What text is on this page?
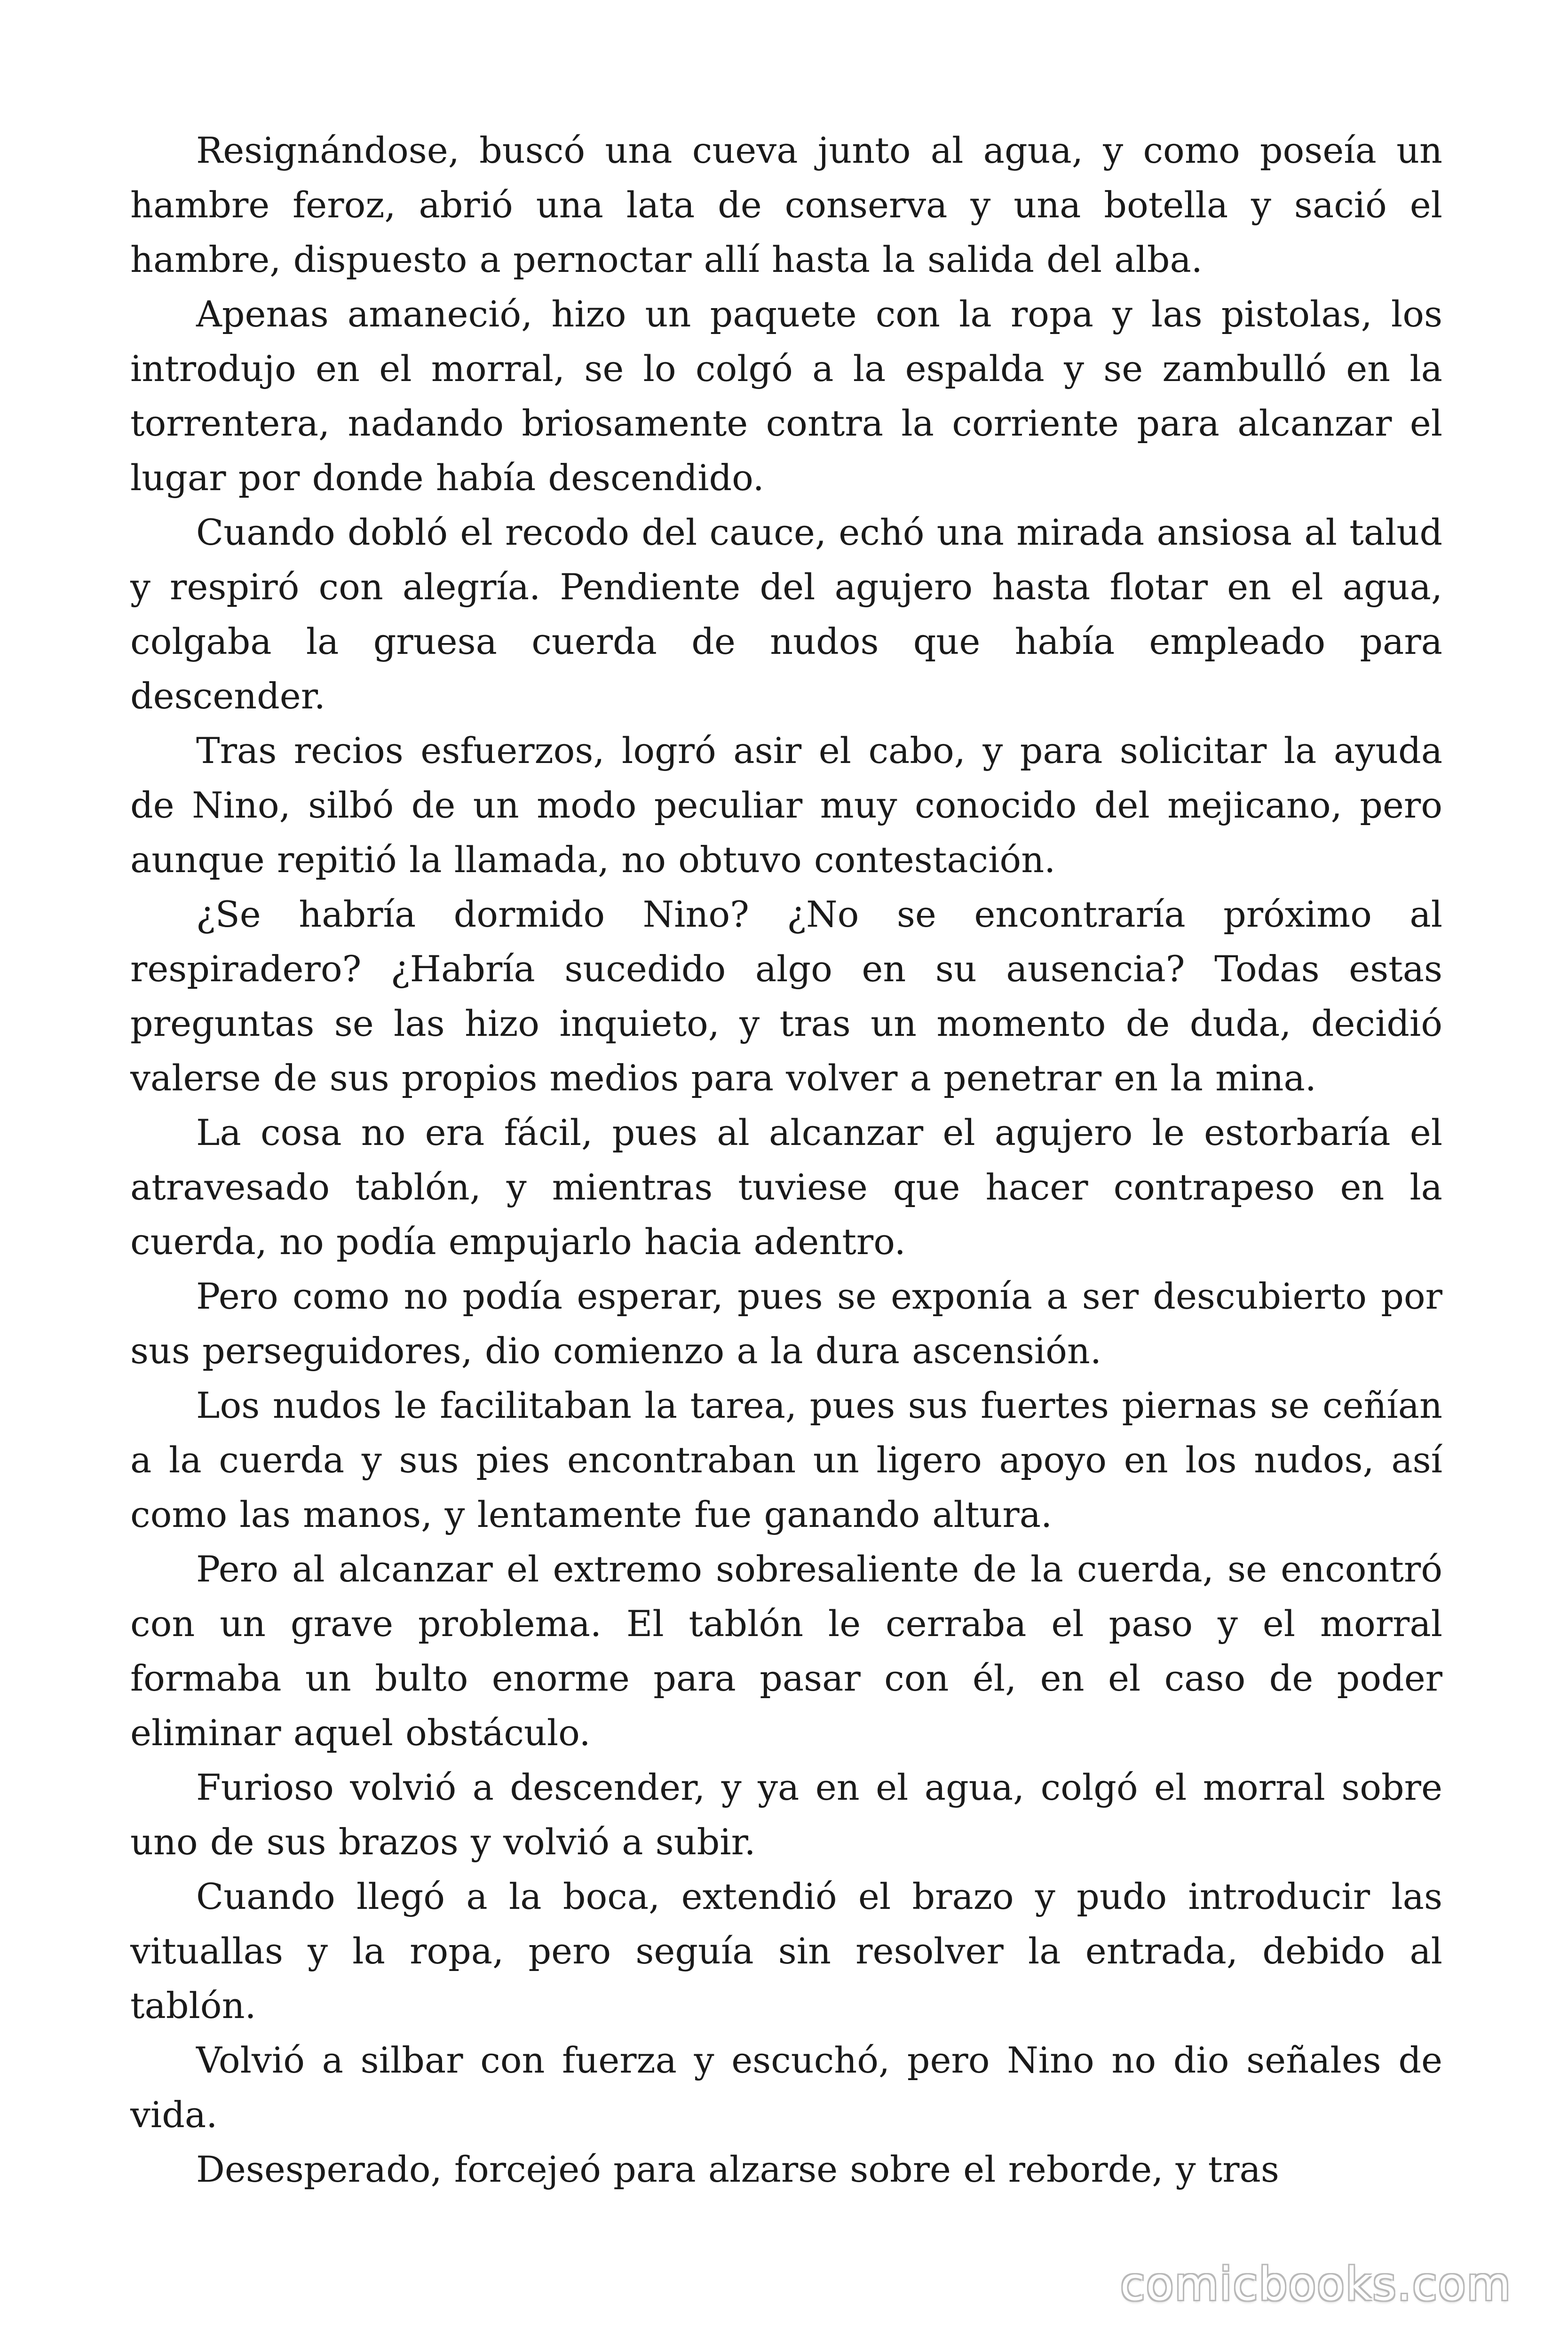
Resignándose, buscó una cueva junto al agua, y como poseía un hambre feroz, abrió una lata de conserva y una botella y sació el hambre, dispuesto a pernoctar allí hasta la salida del alba.

Apenas amaneció, hizo un paquete con la ropa y las pistolas, los introdujo en el morral, se lo colgó a la espalda y se zambulló en la torrentera, nadando briosamente contra la corriente para alcanzar el lugar por donde había descendido.

Cuando dobló el recodo del cauce, echó una mirada ansiosa al talud y respiró con alegría. Pendiente del agujero hasta flotar en el agua, colgaba la gruesa cuerda de nudos que había empleado para descender.

Tras recios esfuerzos, logró asir el cabo, y para solicitar la ayuda de Nino, silbó de un modo peculiar muy conocido del mejicano, pero aunque repitió la llamada, no obtuvo contestación.

¿Se habría dormido Nino? ¿No se encontraría próximo al respiradero? ¿Habría sucedido algo en su ausencia? Todas estas preguntas se las hizo inquieto, y tras un momento de duda, decidió valerse de sus propios medios para volver a penetrar en la mina.

La cosa no era fácil, pues al alcanzar el agujero le estorbaría el atravesado tablón, y mientras tuviese que hacer contrapeso en la cuerda, no podía empujarlo hacia adentro.

Pero como no podía esperar, pues se exponía a ser descubierto por sus perseguidores, dio comienzo a la dura ascensión.

Los nudos le facilitaban la tarea, pues sus fuertes piernas se ceñían a la cuerda y sus pies encontraban un ligero apoyo en los nudos, así como las manos, y lentamente fue ganando altura.

Pero al alcanzar el extremo sobresaliente de la cuerda, se encontró con un grave problema. El tablón le cerraba el paso y el morral formaba un bulto enorme para pasar con él, en el caso de poder eliminar aquel obstáculo.

Furioso volvió a descender, y ya en el agua, colgó el morral sobre uno de sus brazos y volvió a subir.

Cuando llegó a la boca, extendió el brazo y pudo introducir las vituallas y la ropa, pero seguía sin resolver la entrada, debido al tablón.

Volvió a silbar con fuerza y escuchó, pero Nino no dio señales de vida.

Desesperado, forcejeó para alzarse sobre el reborde, y tras

comicbooks.com
